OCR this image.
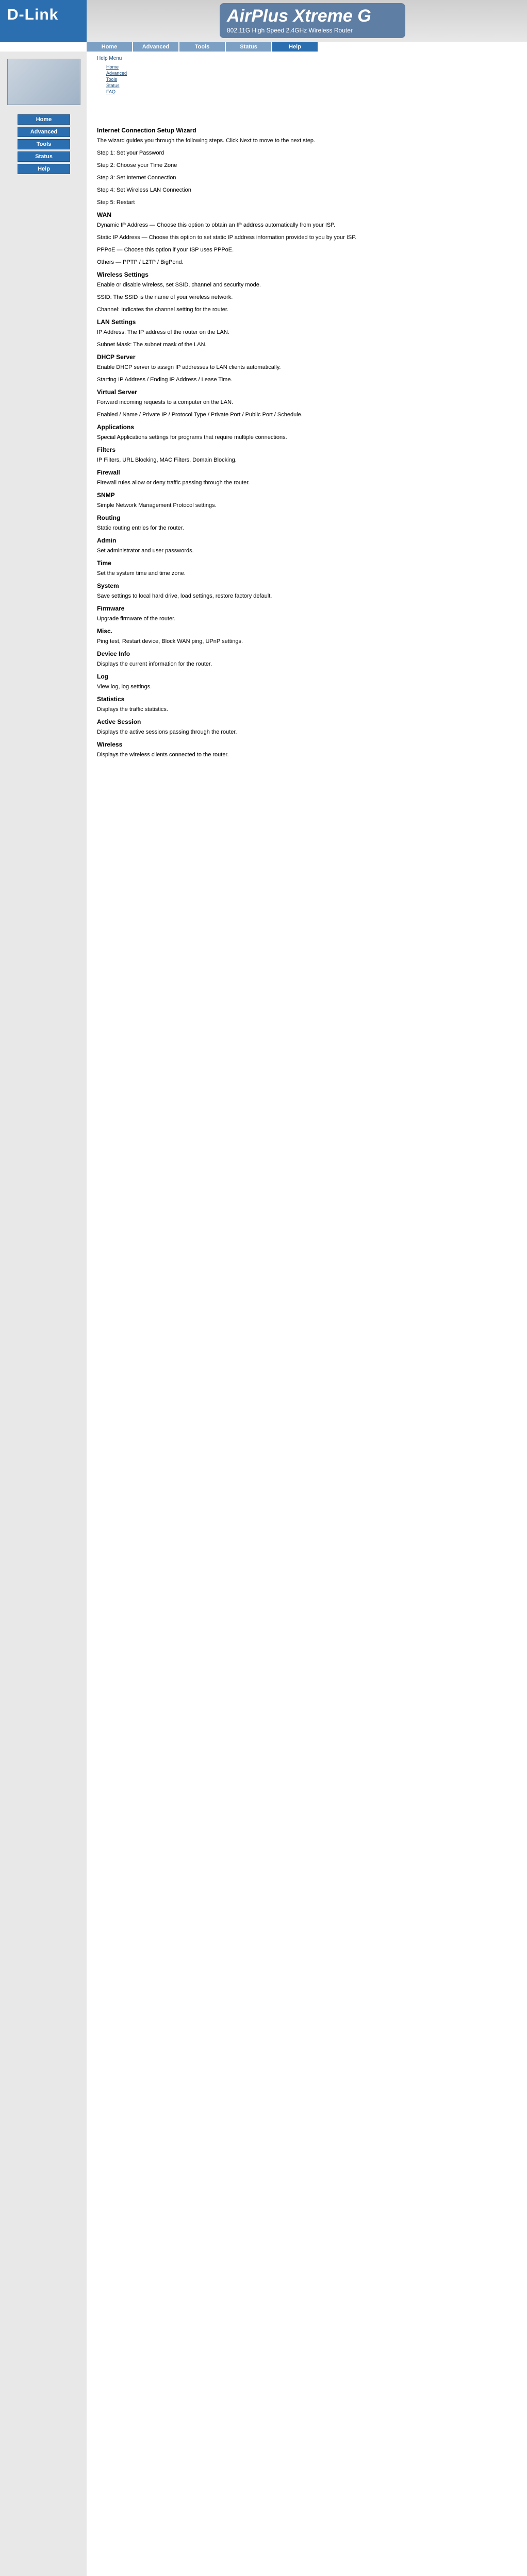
D-Link	AirPlus Xtreme G
802.11G High Speed 2.4GHz Wireless Router
Home	Advanced	Tools	Status	Help
Home
Advanced
Tools
Status
Help
Help Menu
Home
Advanced
Tools
Status
FAQ
Internet Connection Setup Wizard
The wizard guides you through the following steps. Click Next to move to the next step.
Step 1: Set your Password
Step 2: Choose your Time Zone
Step 3: Set Internet Connection
Step 4: Set Wireless LAN Connection
Step 5: Restart
WAN
Dynamic IP Address — Choose this option to obtain an IP address automatically from your ISP.
Static IP Address — Choose this option to set static IP address information provided to you by your ISP.
PPPoE — Choose this option if your ISP uses PPPoE.
Others — PPTP / L2TP / BigPond.
Wireless Settings
Enable or disable wireless, set SSID, channel and security mode.
SSID: The SSID is the name of your wireless network.
Channel: Indicates the channel setting for the router.
LAN Settings
IP Address: The IP address of the router on the LAN.
Subnet Mask: The subnet mask of the LAN.
DHCP Server
Enable DHCP server to assign IP addresses to LAN clients automatically.
Starting IP Address / Ending IP Address / Lease Time.
Virtual Server
Forward incoming requests to a computer on the LAN.
Enabled / Name / Private IP / Protocol Type / Private Port / Public Port / Schedule.
Applications
Special Applications settings for programs that require multiple connections.
Filters
IP Filters, URL Blocking, MAC Filters, Domain Blocking.
Firewall
Firewall rules allow or deny traffic passing through the router.
SNMP
Simple Network Management Protocol settings.
Routing
Static routing entries for the router.
Admin
Set administrator and user passwords.
Time
Set the system time and time zone.
System
Save settings to local hard drive, load settings, restore factory default.
Firmware
Upgrade firmware of the router.
Misc.
Ping test, Restart device, Block WAN ping, UPnP settings.
Device Info
Displays the current information for the router.
Log
View log, log settings.
Statistics
Displays the traffic statistics.
Active Session
Displays the active sessions passing through the router.
Wireless
Displays the wireless clients connected to the router.
